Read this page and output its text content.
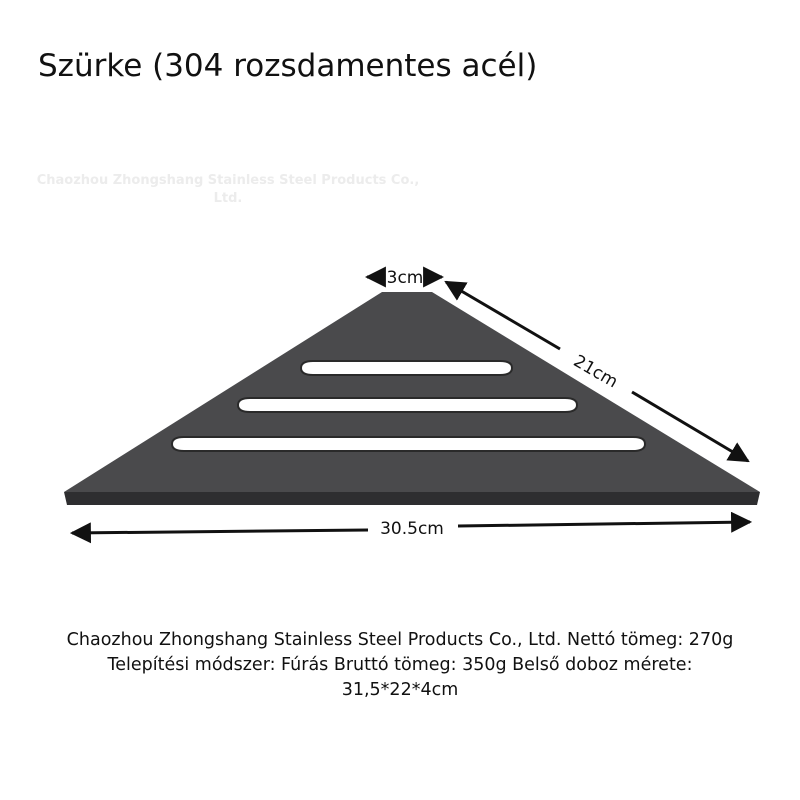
Szürke (304 rozsdamentes acél)
Chaozhou Zhongshang Stainless Steel Products Co., Ltd.
3cm
21cm
30.5cm
Chaozhou Zhongshang Stainless Steel Products Co., Ltd. Nettó tömeg: 270g Telepítési módszer: Fúrás Bruttó tömeg: 350g Belső doboz mérete: 31,5*22*4cm
